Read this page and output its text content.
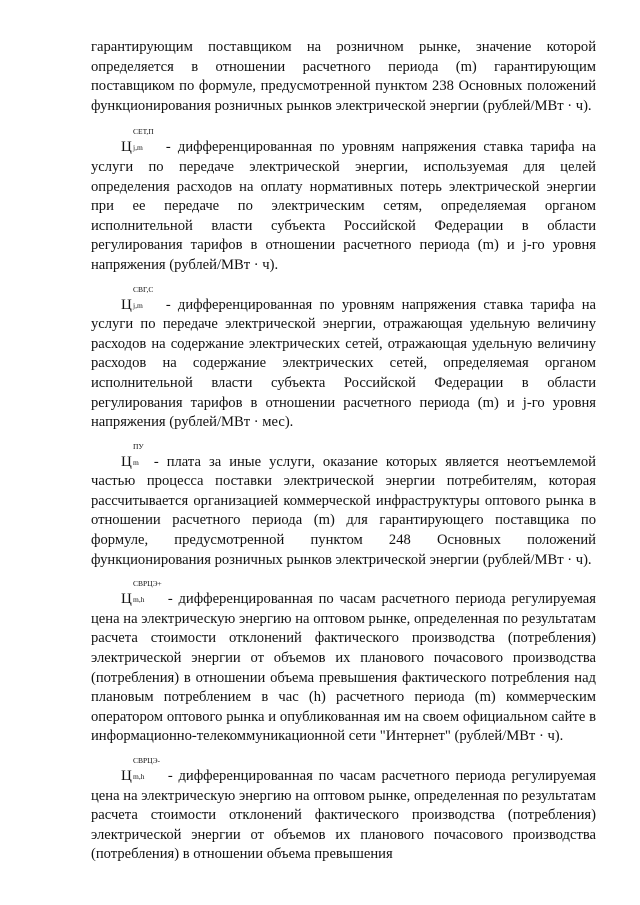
гарантирующим поставщиком на розничном рынке, значение которой определяется в отношении расчетного периода (m) гарантирующим поставщиком по формуле, предусмотренной пунктом 238 Основных положений функционирования розничных рынков электрической энергии (рублей/МВт · ч).

Ц
СЕТ,П
j,m - дифференцированная по уровням напряжения ставка тарифа на услуги по передаче электрической энергии, используемая для целей определения расходов на оплату нормативных потерь электрической энергии при ее передаче по электрическим сетям, определяемая органом исполнительной власти субъекта Российской Федерации в области регулирования тарифов в отношении расчетного периода (m) и j-го уровня напряжения (рублей/МВт · ч).
Ц
СВГ,С
j,m - дифференцированная по уровням напряжения ставка тарифа на услуги по передаче электрической энергии, отражающая удельную величину расходов на содержание электрических сетей, отражающая удельную величину расходов на содержание электрических сетей, определяемая органом исполнительной власти субъекта Российской Федерации в области регулирования тарифов в отношении расчетного периода (m) и j-го уровня напряжения (рублей/МВт · мес).
Ц
ПУ
m - плата за иные услуги, оказание которых является неотъемлемой частью процесса поставки электрической энергии потребителям, которая рассчитывается организацией коммерческой инфраструктуры оптового рынка в отношении расчетного периода (m) для гарантирующего поставщика по формуле, предусмотренной пунктом 248 Основных положений функционирования розничных рынков электрической энергии (рублей/МВт · ч).
Ц
СВРЦЭ+
m,h - дифференцированная по часам расчетного периода регулируемая цена на электрическую энергию на оптовом рынке, определенная по результатам расчета стоимости отклонений фактического производства (потребления) электрической энергии от объемов их планового почасового производства (потребления) в отношении объема превышения фактического потребления над плановым потреблением в час (h) расчетного периода (m) коммерческим оператором оптового рынка и опубликованная им на своем официальном сайте в информационно-телекоммуникационной сети "Интернет" (рублей/МВт · ч).
Ц
СВРЦЭ-
m,h - дифференцированная по часам расчетного периода регулируемая цена на электрическую энергию на оптовом рынке, определенная по результатам расчета стоимости отклонений фактического производства (потребления) электрической энергии от объемов их планового почасового производства (потребления) в отношении объема превышения
